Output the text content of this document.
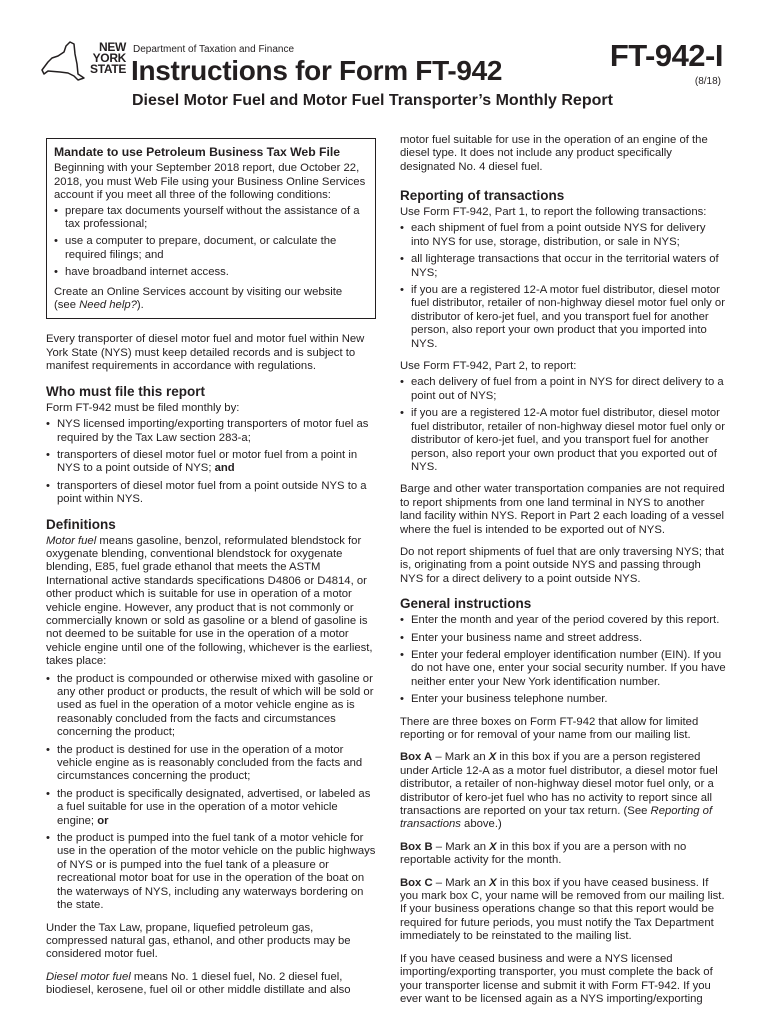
NEW
YORK
STATE
Department of Taxation and Finance
Instructions for Form FT-942	FT-942-I
(8/18)
Diesel Motor Fuel and Motor Fuel Transporter’s Monthly Report
Mandate to use Petroleum Business Tax Web File

Beginning with your September 2018 report, due October 22, 2018, you must Web File using your Business Online Services account if you meet all three of the following conditions:

• prepare tax documents yourself without the assistance of a tax professional;
• use a computer to prepare, document, or calculate the required filings; and
• have broadband internet access.

Create an Online Services account by visiting our website (see Need help?).

Every transporter of diesel motor fuel and motor fuel within New York State (NYS) must keep detailed records and is subject to manifest requirements in accordance with regulations.

Who must file this report

Form FT-942 must be filed monthly by:

• NYS licensed importing/exporting transporters of motor fuel as required by the Tax Law section 283-a;
• transporters of diesel motor fuel or motor fuel from a point in NYS to a point outside of NYS; and
• transporters of diesel motor fuel from a point outside NYS to a point within NYS.
Definitions

Motor fuel means gasoline, benzol, reformulated blendstock for oxygenate blending, conventional blendstock for oxygenate blending, E85, fuel grade ethanol that meets the ASTM International active standards specifications D4806 or D4814, or other product which is suitable for use in operation of a motor vehicle engine. However, any product that is not commonly or commercially known or sold as gasoline or a blend of gasoline is not deemed to be suitable for use in the operation of a motor vehicle engine until one of the following, whichever is the earliest, takes place:

• the product is compounded or otherwise mixed with gasoline or any other product or products, the result of which will be sold or used as fuel in the operation of a motor vehicle engine as is reasonably concluded from the facts and circumstances concerning the product;
• the product is destined for use in the operation of a motor vehicle engine as is reasonably concluded from the facts and circumstances concerning the product;
• the product is specifically designated, advertised, or labeled as a fuel suitable for use in the operation of a motor vehicle engine; or
• the product is pumped into the fuel tank of a motor vehicle for use in the operation of the motor vehicle on the public highways of NYS or is pumped into the fuel tank of a pleasure or recreational motor boat for use in the operation of the boat on the waterways of NYS, including any waterways bordering on the state.

Under the Tax Law, propane, liquefied petroleum gas, compressed natural gas, ethanol, and other products may be considered motor fuel.

Diesel motor fuel means No. 1 diesel fuel, No. 2 diesel fuel, biodiesel, kerosene, fuel oil or other middle distillate and also

motor fuel suitable for use in the operation of an engine of the diesel type. It does not include any product specifically designated No. 4 diesel fuel.
Reporting of transactions

Use Form FT-942, Part 1, to report the following transactions:

• each shipment of fuel from a point outside NYS for delivery into NYS for use, storage, distribution, or sale in NYS;
• all lighterage transactions that occur in the territorial waters of NYS;
• if you are a registered 12-A motor fuel distributor, diesel motor fuel distributor, retailer of non-highway diesel motor fuel only or distributor of kero-jet fuel, and you transport fuel for another person, also report your own product that you imported into NYS.

Use Form FT-942, Part 2, to report:

• each delivery of fuel from a point in NYS for direct delivery to a point out of NYS;
• if you are a registered 12-A motor fuel distributor, diesel motor fuel distributor, retailer of non-highway diesel motor fuel only or distributor of kero-jet fuel, and you transport fuel for another person, also report your own product that you exported out of NYS.

Barge and other water transportation companies are not required to report shipments from one land terminal in NYS to another land facility within NYS. Report in Part 2 each loading of a vessel where the fuel is intended to be exported out of NYS.

Do not report shipments of fuel that are only traversing NYS; that is, originating from a point outside NYS and passing through NYS for a direct delivery to a point outside NYS.

General instructions
• Enter the month and year of the period covered by this report.
• Enter your business name and street address.
• Enter your federal employer identification number (EIN). If you do not have one, enter your social security number. If you have neither enter your New York identification number.
• Enter your business telephone number.

There are three boxes on Form FT-942 that allow for limited reporting or for removal of your name from our mailing list.

Box A – Mark an X in this box if you are a person registered under Article 12-A as a motor fuel distributor, a diesel motor fuel distributor, a retailer of non-highway diesel motor fuel only, or a distributor of kero-jet fuel who has no activity to report since all transactions are reported on your tax return. (See Reporting of transactions above.)

Box B – Mark an X in this box if you are a person with no reportable activity for the month.

Box C – Mark an X in this box if you have ceased business. If you mark box C, your name will be removed from our mailing list. If your business operations change so that this report would be required for future periods, you must notify the Tax Department immediately to be reinstated to the mailing list.

If you have ceased business and were a NYS licensed importing/exporting transporter, you must complete the back of your transporter license and submit it with Form FT-942. If you ever want to be licensed again as a NYS importing/exporting
